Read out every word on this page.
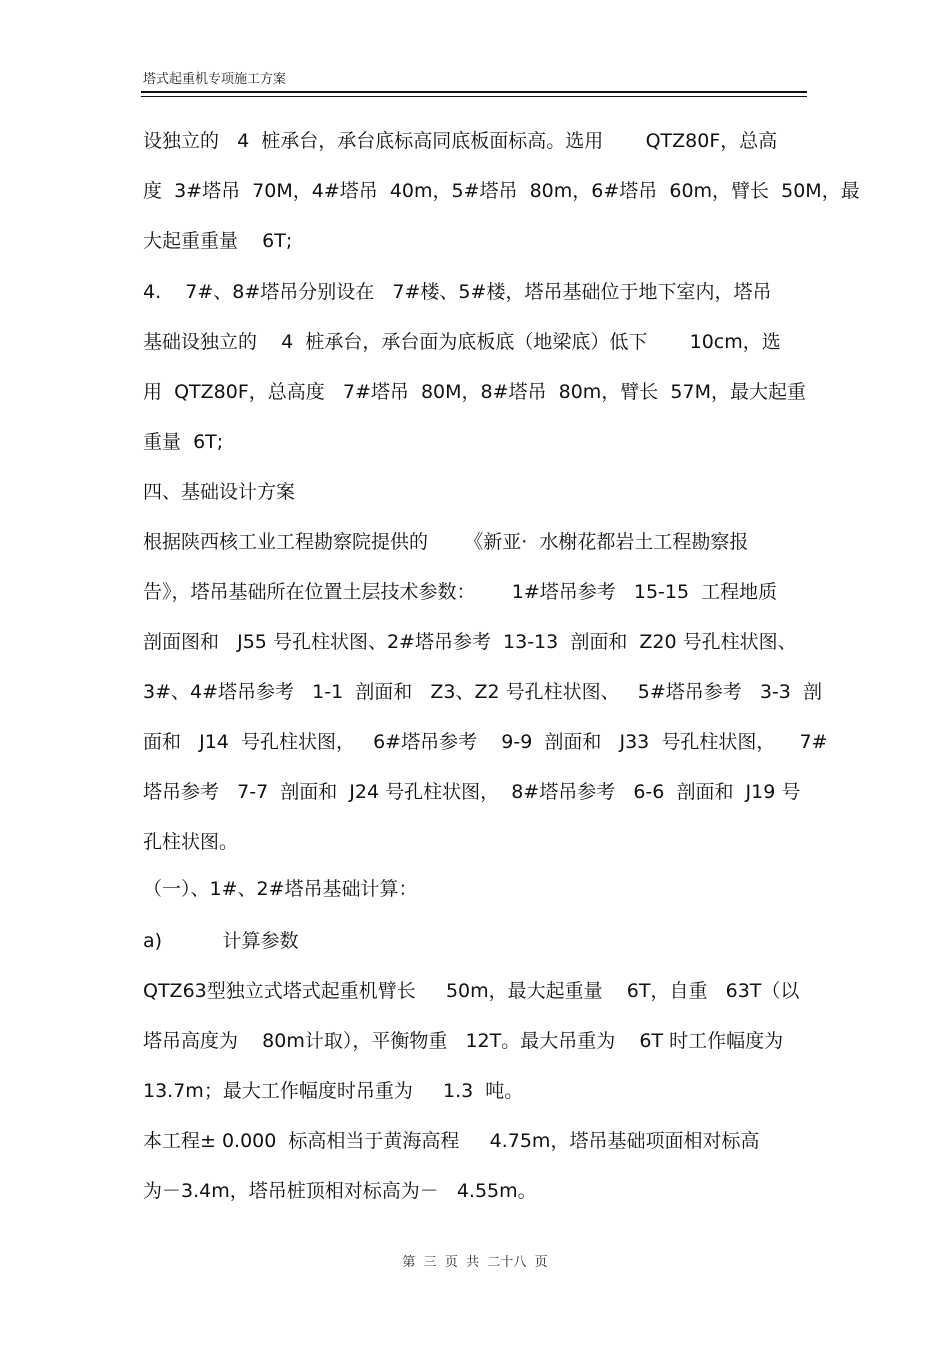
塔式起重机专项施工方案
设独立的   4  桩承台，承台底标高同底板面标高。选用       QTZ80F，总高
度  3#塔吊  70M，4#塔吊  40m，5#塔吊  80m，6#塔吊  60m，臂长  50M，最
大起重重量    6T;
4.    7#、8#塔吊分别设在   7#楼、5#楼，塔吊基础位于地下室内，塔吊
基础设独立的    4  桩承台，承台面为底板底（地梁底）低下       10cm，选
用  QTZ80F，总高度   7#塔吊  80M，8#塔吊  80m，臂长  57M，最大起重
重量  6T;
四、基础设计方案
根据陕西核工业工程勘察院提供的      《新亚·  水榭花都岩土工程勘察报
告》，塔吊基础所在位置土层技术参数：      1#塔吊参考   15-15  工程地质
剖面图和   J55 号孔柱状图、2#塔吊参考  13-13  剖面和  Z20 号孔柱状图、
3#、4#塔吊参考   1-1  剖面和   Z3、Z2 号孔柱状图、   5#塔吊参考   3-3  剖
面和   J14  号孔柱状图，   6#塔吊参考    9-9  剖面和   J33  号孔柱状图，    7#
塔吊参考   7-7  剖面和  J24 号孔柱状图，  8#塔吊参考   6-6  剖面和  J19 号
孔柱状图。
（一）、1#、2#塔吊基础计算：
a)          计算参数
QTZ63型独立式塔式起重机臂长     50m，最大起重量    6T，自重   63T（以
塔吊高度为    80m计取），平衡物重   12T。最大吊重为    6T 时工作幅度为
13.7m；最大工作幅度时吊重为     1.3  吨。
本工程± 0.000  标高相当于黄海高程     4.75m，塔吊基础项面相对标高
为－3.4m，塔吊桩顶相对标高为－   4.55m。
第  三  页  共  二十八  页
